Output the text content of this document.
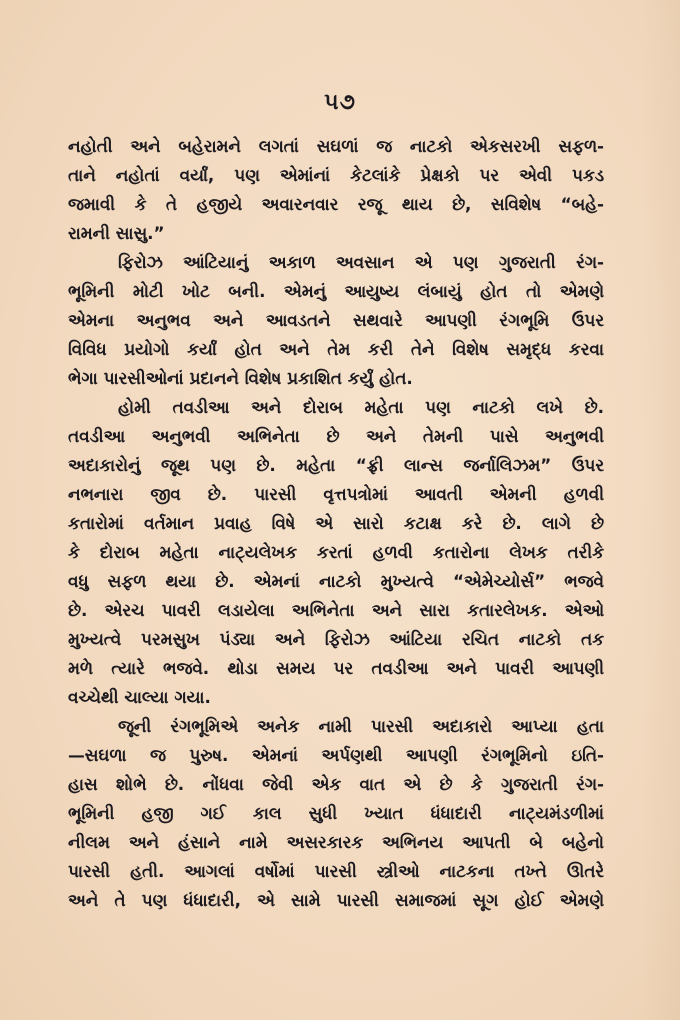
૫૭
નહોતી અને બહેરામને લગતાં સઘળાં જ નાટકો એકસરખી સફળ-
તાને નહોતાં વર્યાં, પણ એમાંનાં કેટલાંકે પ્રેક્ષકો પર એવી પકડ
જમાવી કે તે હજીયે અવારનવાર રજૂ થાય છે, સવિશેષ “બહે-
રામની સાસુ.”
ફિરોઝ આંટિયાનું અકાળ અવસાન એ પણ ગુજરાતી રંગ-
ભૂમિની મોટી ખોટ બની. એમનું આયુષ્ય લંબાયું હોત તો એમણે
એમના અનુભવ અને આવડતને સથવારે આપણી રંગભૂમિ ઉપર
વિવિધ પ્રયોગો કર્યાં હોત અને તેમ કરી તેને વિશેષ સમૃદ્ધ કરવા
ભેગા પારસીઓનાં પ્રદાનને વિશેષ પ્રકાશિત કર્યું હોત.
હોમી તવડીઆ અને દોરાબ મહેતા પણ નાટકો લખે છે.
તવડીઆ અનુભવી અભિનેતા છે અને તેમની પાસે અનુભવી
અદાકારોનું જૂથ પણ છે. મહેતા “ફ્રી લાન્સ જર્નાલિઝમ” ઉપર
નભનારા જીવ છે. પારસી વૃત્તપત્રોમાં આવતી એમની હળવી
કતારોમાં વર્તમાન પ્રવાહ વિષે એ સારો કટાક્ષ કરે છે. લાગે છે
કે દોરાબ મહેતા નાટ્યલેખક કરતાં હળવી કતારોના લેખક તરીકે
વધુ સફળ થયા છે. એમનાં નાટકો મુખ્યત્વે “એમેચ્યોર્સ” ભજવે
છે. એરચ પાવરી લડાયેલા અભિનેતા અને સારા કતારલેખક. એઓ
મુખ્યત્વે પરમસુખ પંડ્યા અને ફિરોઝ આંટિયા રચિત નાટકો તક
મળે ત્યારે ભજવે. થોડા સમય પર તવડીઆ અને પાવરી આપણી
વચ્ચેથી ચાલ્યા ગયા.
જૂની રંગભૂમિએ અનેક નામી પારસી અદાકારો આપ્યા હતા
—સઘળા જ પુરુષ. એમનાં અર્પણથી આપણી રંગભૂમિનો ઇતિ-
હાસ શોભે છે. નોંધવા જેવી એક વાત એ છે કે ગુજરાતી રંગ-
ભૂમિની હજી ગઈ કાલ સુધી ખ્યાત ધંધાદારી નાટ્યમંડળીમાં
નીલમ અને હંસાને નામે અસરકારક અભિનય આપતી બે બહેનો
પારસી હતી. આગલાં વર્ષોમાં પારસી સ્ત્રીઓ નાટકના તખ્તે ઊતરે
અને તે પણ ધંધાદારી, એ સામે પારસી સમાજમાં સૂગ હોઈ એમણે
